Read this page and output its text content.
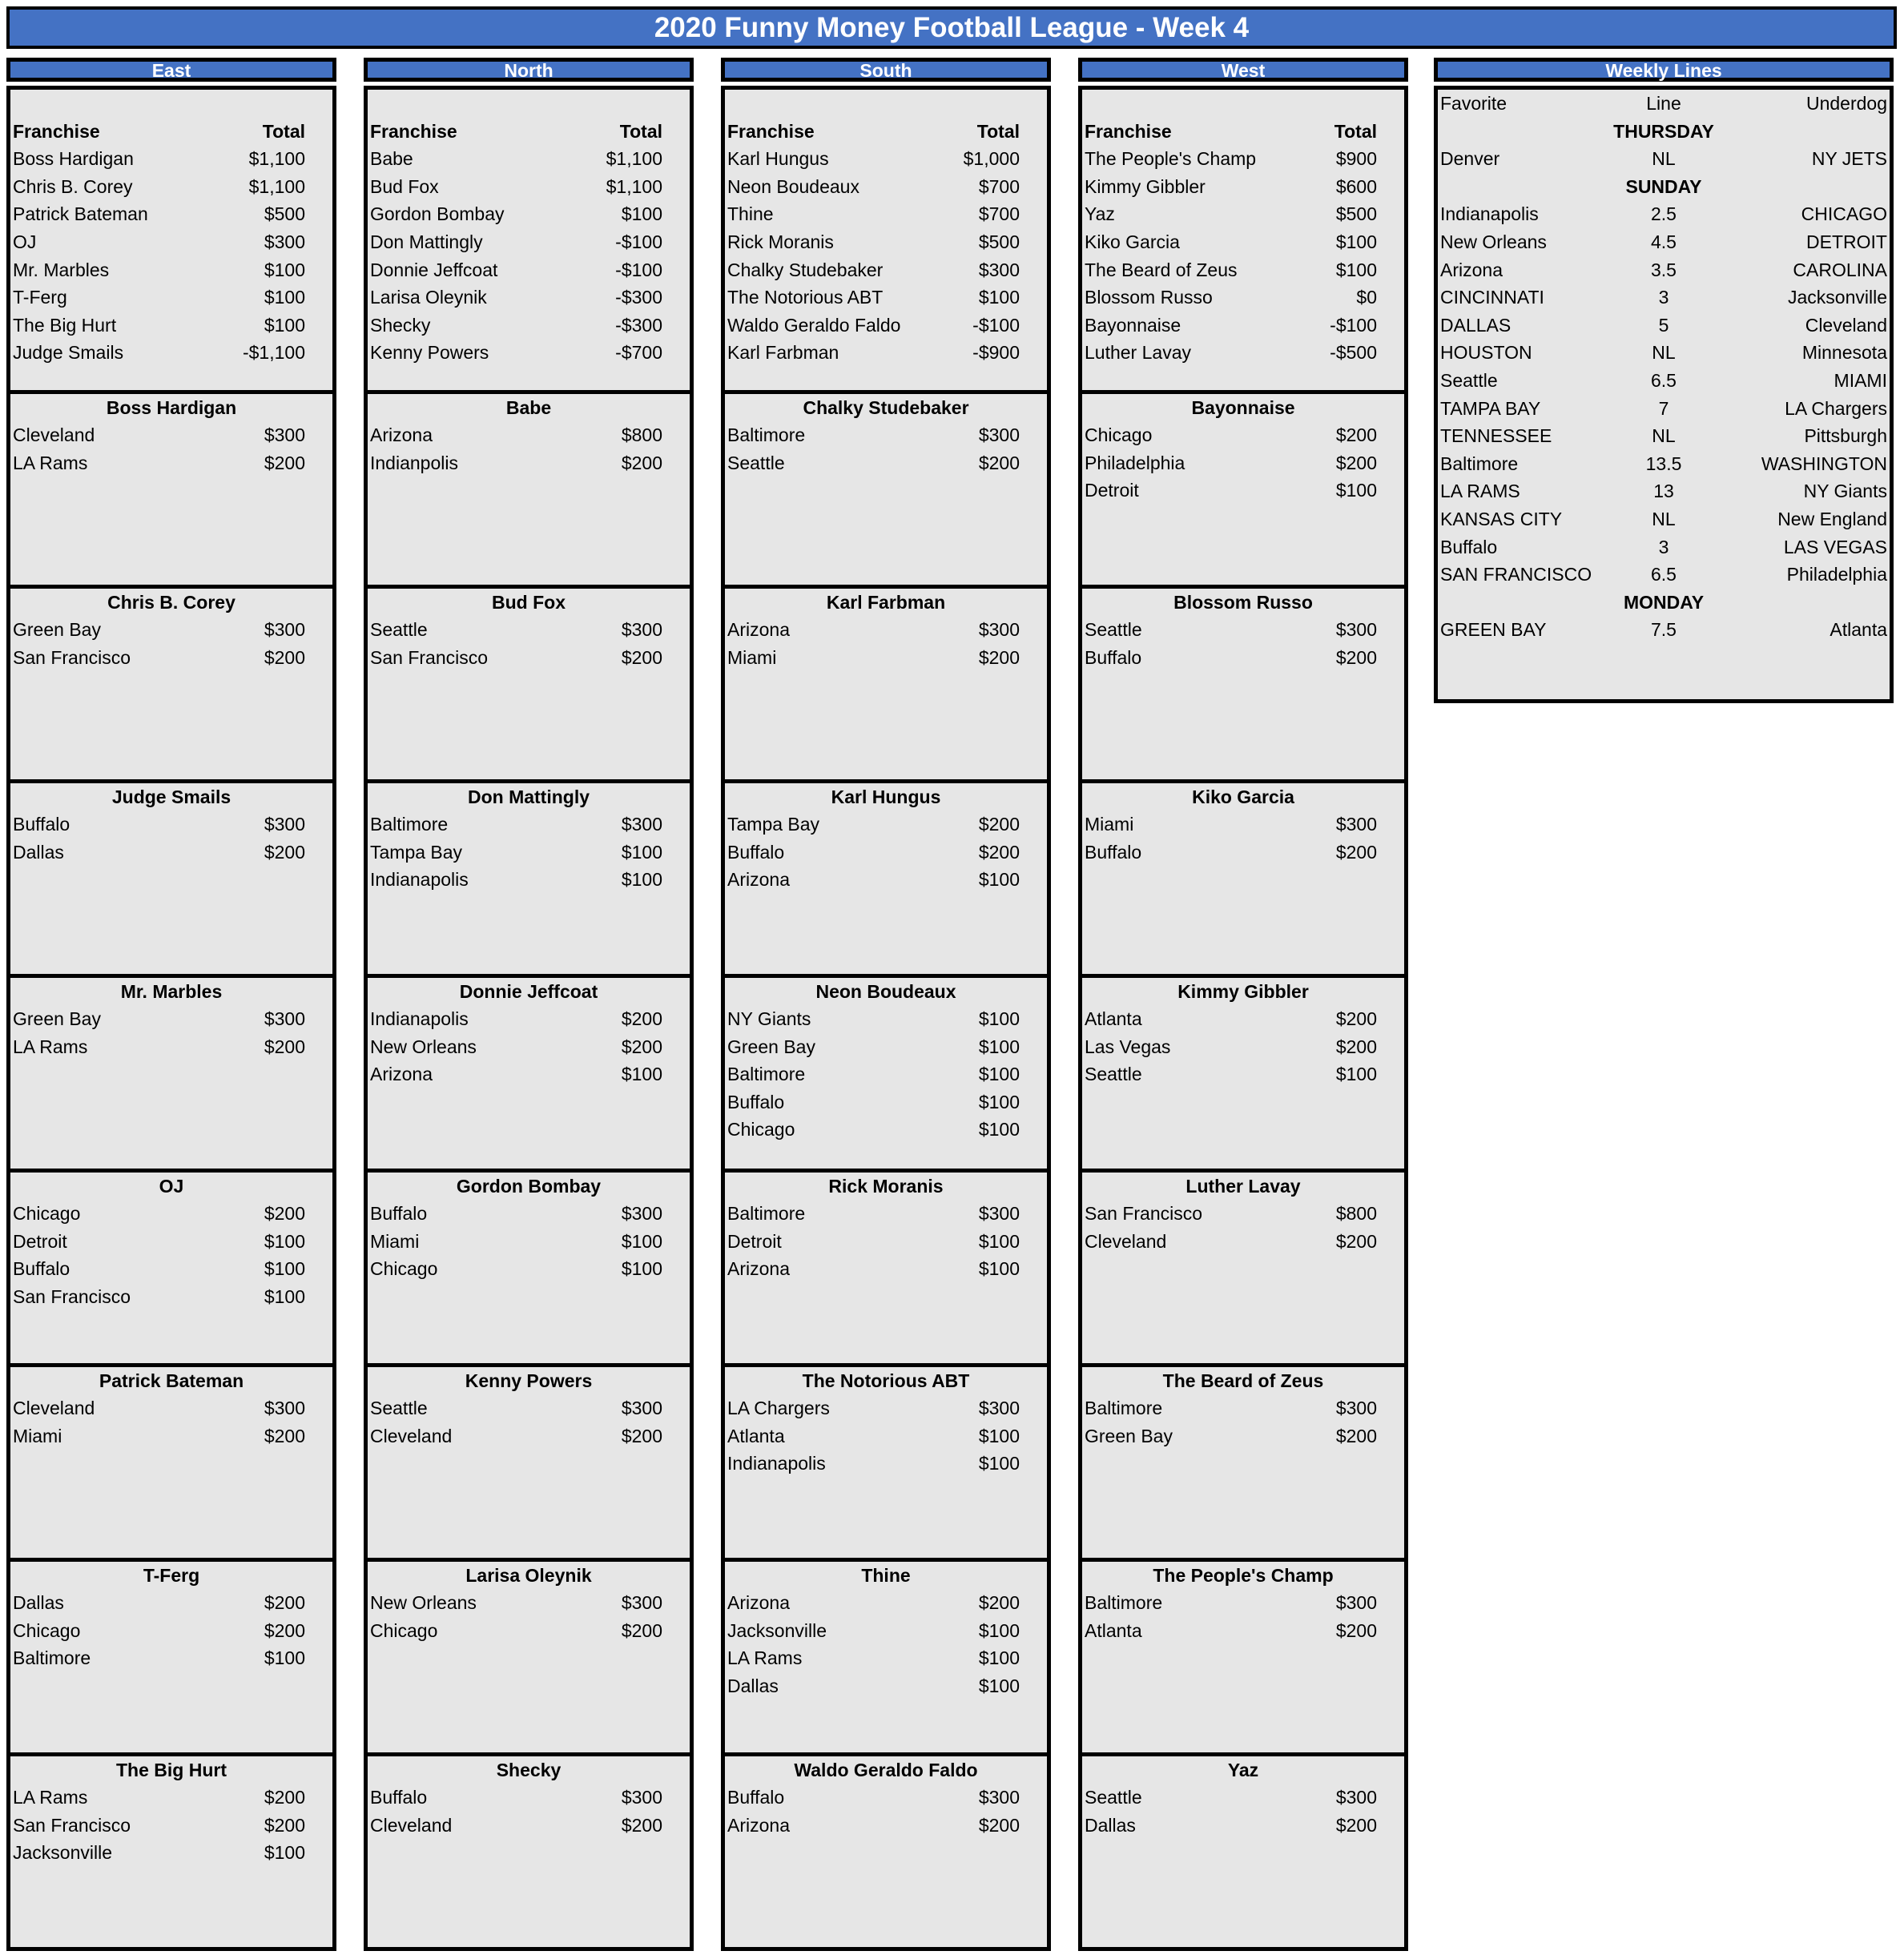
2020 Funny Money Football League - Week 4
East
Franchise	Total
Boss Hardigan	$1,100
Chris B. Corey	$1,100
Patrick Bateman	$500
OJ	$300
Mr. Marbles	$100
T-Ferg	$100
The Big Hurt	$100
Judge Smails	-$1,100
Boss Hardigan
Cleveland	$300
LA Rams	$200
Chris B. Corey
Green Bay	$300
San Francisco	$200
Judge Smails
Buffalo	$300
Dallas	$200
Mr. Marbles
Green Bay	$300
LA Rams	$200
OJ
Chicago	$200
Detroit	$100
Buffalo	$100
San Francisco	$100
Patrick Bateman
Cleveland	$300
Miami	$200
T-Ferg
Dallas	$200
Chicago	$200
Baltimore	$100
The Big Hurt
LA Rams	$200
San Francisco	$200
Jacksonville	$100
North
Franchise	Total
Babe	$1,100
Bud Fox	$1,100
Gordon Bombay	$100
Don Mattingly	-$100
Donnie Jeffcoat	-$100
Larisa Oleynik	-$300
Shecky	-$300
Kenny Powers	-$700
Babe
Arizona	$800
Indianpolis	$200
Bud Fox
Seattle	$300
San Francisco	$200
Don Mattingly
Baltimore	$300
Tampa Bay	$100
Indianapolis	$100
Donnie Jeffcoat
Indianapolis	$200
New Orleans	$200
Arizona	$100
Gordon Bombay
Buffalo	$300
Miami	$100
Chicago	$100
Kenny Powers
Seattle	$300
Cleveland	$200
Larisa Oleynik
New Orleans	$300
Chicago	$200
Shecky
Buffalo	$300
Cleveland	$200
South
Franchise	Total
Karl Hungus	$1,000
Neon Boudeaux	$700
Thine	$700
Rick Moranis	$500
Chalky Studebaker	$300
The Notorious ABT	$100
Waldo Geraldo Faldo	-$100
Karl Farbman	-$900
Chalky Studebaker
Baltimore	$300
Seattle	$200
Karl Farbman
Arizona	$300
Miami	$200
Karl Hungus
Tampa Bay	$200
Buffalo	$200
Arizona	$100
Neon Boudeaux
NY Giants	$100
Green Bay	$100
Baltimore	$100
Buffalo	$100
Chicago	$100
Rick Moranis
Baltimore	$300
Detroit	$100
Arizona	$100
The Notorious ABT
LA Chargers	$300
Atlanta	$100
Indianapolis	$100
Thine
Arizona	$200
Jacksonville	$100
LA Rams	$100
Dallas	$100
Waldo Geraldo Faldo
Buffalo	$300
Arizona	$200
West
Franchise	Total
The People's Champ	$900
Kimmy Gibbler	$600
Yaz	$500
Kiko Garcia	$100
The Beard of Zeus	$100
Blossom Russo	$0
Bayonnaise	-$100
Luther Lavay	-$500
Bayonnaise
Chicago	$200
Philadelphia	$200
Detroit	$100
Blossom Russo
Seattle	$300
Buffalo	$200
Kiko Garcia
Miami	$300
Buffalo	$200
Kimmy Gibbler
Atlanta	$200
Las Vegas	$200
Seattle	$100
Luther Lavay
San Francisco	$800
Cleveland	$200
The Beard of Zeus
Baltimore	$300
Green Bay	$200
The People's Champ
Baltimore	$300
Atlanta	$200
Yaz
Seattle	$300
Dallas	$200
Weekly Lines
Favorite	Line	Underdog
THURSDAY
Denver	NL	NY JETS
SUNDAY
Indianapolis	2.5	CHICAGO
New Orleans	4.5	DETROIT
Arizona	3.5	CAROLINA
CINCINNATI	3	Jacksonville
DALLAS	5	Cleveland
HOUSTON	NL	Minnesota
Seattle	6.5	MIAMI
TAMPA BAY	7	LA Chargers
TENNESSEE	NL	Pittsburgh
Baltimore	13.5	WASHINGTON
LA RAMS	13	NY Giants
KANSAS CITY	NL	New England
Buffalo	3	LAS VEGAS
SAN FRANCISCO	6.5	Philadelphia
MONDAY
GREEN BAY	7.5	Atlanta
